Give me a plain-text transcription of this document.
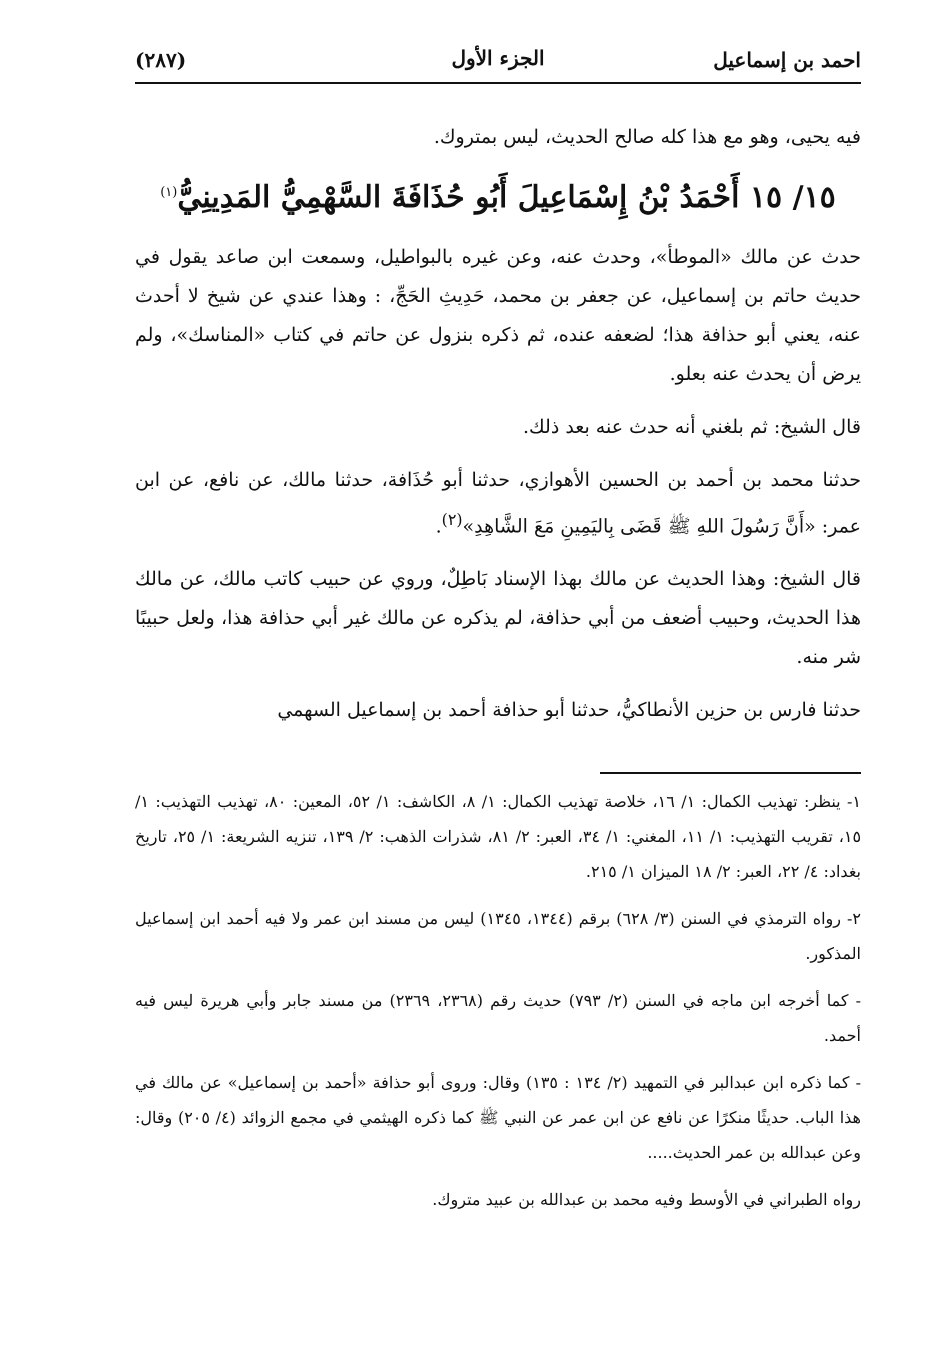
احمد بن إسماعيل
الجزء الأول
(٢٨٧)

فيه يحيى، وهو مع هذا كله صالح الحديث، ليس بمتروك.

١٥/ ١٥ أَحْمَدُ بْنُ إِسْمَاعِيلَ أَبُو حُذَافَةَ السَّهْمِيُّ المَدِينِيُّ$^{(١)}$

حدث عن مالك «الموطأ»، وحدث عنه، وعن غيره بالبواطيل، وسمعت ابن صاعد يقول في حديث حاتم بن إسماعيل، عن جعفر بن محمد، حَدِيثِ الحَجِّ، : وهذا عندي عن شيخ لا أحدث عنه، يعني أبو حذافة هذا؛ لضعفه عنده، ثم ذكره بنزول عن حاتم في كتاب «المناسك»، ولم يرض أن يحدث عنه بعلو.

قال الشيخ: ثم بلغني أنه حدث عنه بعد ذلك.

حدثنا محمد بن أحمد بن الحسين الأهوازي، حدثنا أبو حُذَافة، حدثنا مالك، عن نافع، عن ابن عمر: «أَنَّ رَسُولَ اللهِ ﷺ قَضَى بِاليَمِينِ مَعَ الشَّاهِدِ»$^{(٢)}$.

قال الشيخ: وهذا الحديث عن مالك بهذا الإسناد بَاطِلٌ، وروي عن حبيب كاتب مالك، عن مالك هذا الحديث، وحبيب أضعف من أبي حذافة، لم يذكره عن مالك غير أبي حذافة هذا، ولعل حبيبًا شر منه.

حدثنا فارس بن حزين الأنطاكيُّ، حدثنا أبو حذافة أحمد بن إسماعيل السهمي

١- ينظر: تهذيب الكمال: ١/ ١٦، خلاصة تهذيب الكمال: ١/ ٨، الكاشف: ١/ ٥٢، المعين: ٨٠، تهذيب التهذيب: ١/ ١٥، تقريب التهذيب: ١/ ١١، المغني: ١/ ٣٤، العبر: ٢/ ٨١، شذرات الذهب: ٢/ ١٣٩، تنزيه الشريعة: ١/ ٢٥، تاريخ بغداد: ٤/ ٢٢، العبر: ٢/ ١٨ الميزان ١/ ٢١٥.

٢- رواه الترمذي في السنن (٣/ ٦٢٨) برقم (١٣٤٤، ١٣٤٥) ليس من مسند ابن عمر ولا فيه أحمد ابن إسماعيل المذكور.

- كما أخرجه ابن ماجه في السنن (٢/ ٧٩٣) حديث رقم (٢٣٦٨، ٢٣٦٩) من مسند جابر وأبي هريرة ليس فيه أحمد.

- كما ذكره ابن عبدالبر في التمهيد (٢/ ١٣٤ : ١٣٥) وقال: وروى أبو حذافة «أحمد بن إسماعيل» عن مالك في هذا الباب. حديثًا منكرًا عن نافع عن ابن عمر عن النبي ﷺ كما ذكره الهيثمي في مجمع الزوائد (٤/ ٢٠٥) وقال: وعن عبدالله بن عمر الحديث.....

رواه الطبراني في الأوسط وفيه محمد بن عبدالله بن عبيد متروك.
